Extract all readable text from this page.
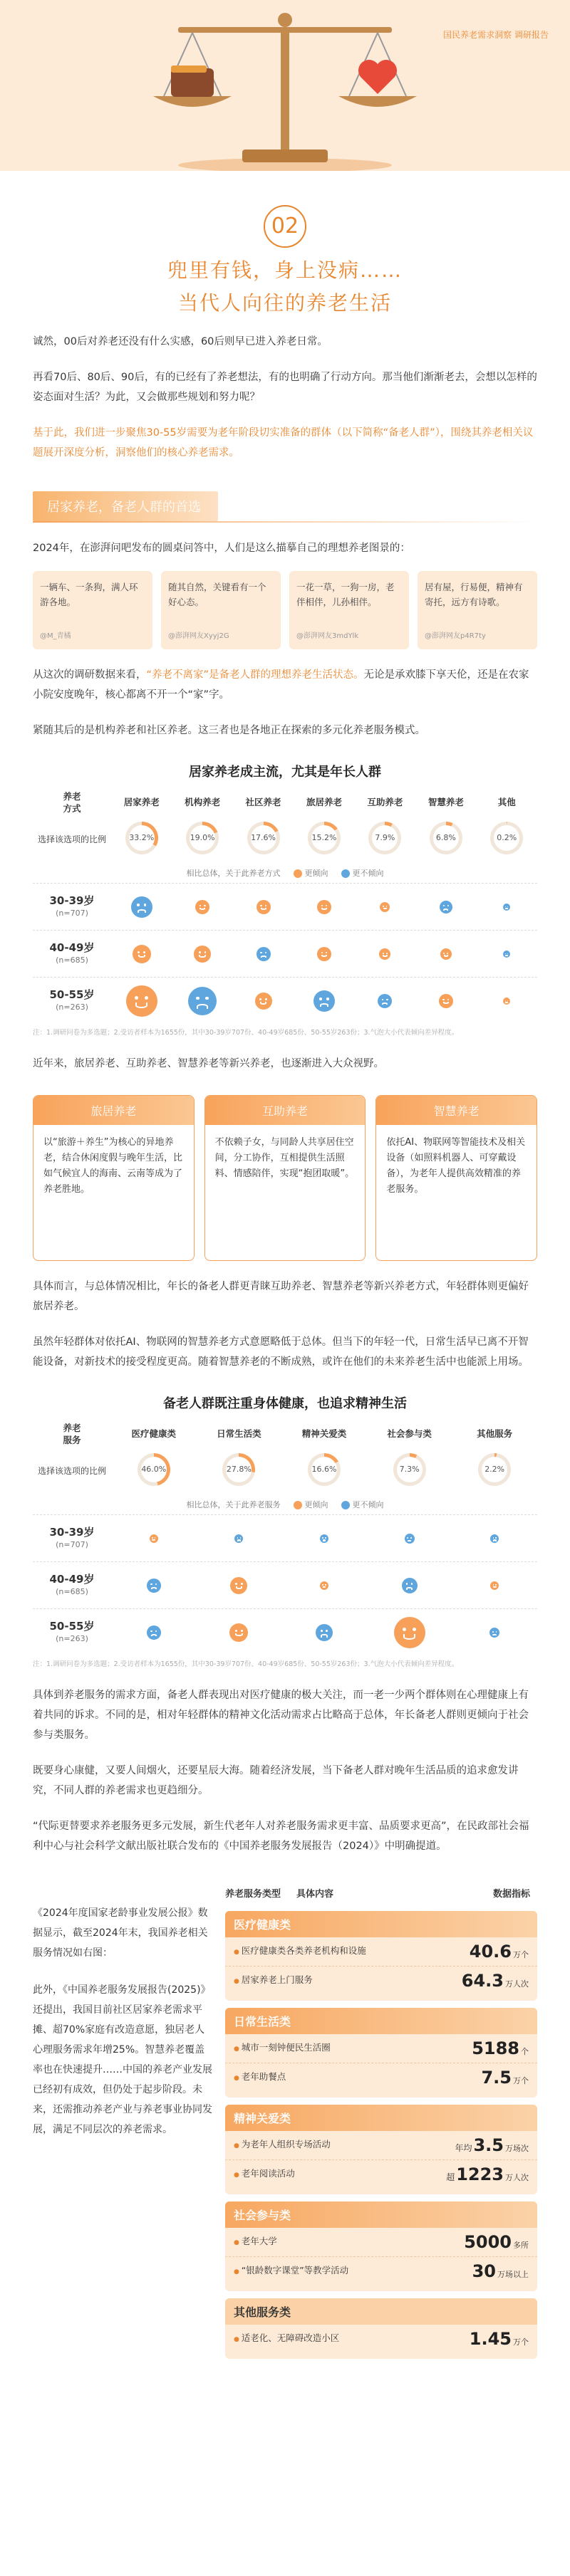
国民养老需求洞察 调研报告
02
兜里有钱，身上没病……
当代人向往的养老生活

诚然，00后对养老还没有什么实感，60后则早已进入养老日常。

再看70后、80后、90后，有的已经有了养老想法，有的也明确了行动方向。那当他们渐渐老去，会想以怎样的姿态面对生活？为此，又会做那些规划和努力呢？

基于此，我们进一步聚焦30-55岁需要为老年阶段切实准备的群体（以下简称“备老人群”），围绕其养老相关议题展开深度分析，洞察他们的核心养老需求。

居家养老，备老人群的首选

2024年，在澎湃问吧发布的圆桌问答中，人们是这么描摹自己的理想养老图景的：

一辆车、一条狗，满人环游各地。
@M_青橘
随其自然，关键看有一个好心态。
@澎湃网友Xyyj2G
一花一草，一狗一房，老伴相伴，儿孙相伴。
@澎湃网友3mdYlk
居有屋，行易便，精神有寄托，远方有诗歌。
@澎湃网友p4R7ty

从这次的调研数据来看，“养老不离家”是备老人群的理想养老生活状态。无论是承欢膝下享天伦，还是在农家小院安度晚年，核心都离不开一个“家”字。

紧随其后的是机构养老和社区养老。这三者也是各地正在探索的多元化养老服务模式。

居家养老成主流，尤其是年长人群
养老
方式
居家养老	机构养老	社区养老	旅居养老	互助养老	智慧养老	其他
选择该选项的比例	33.2%	19.0%	17.6%	15.2%	7.9%	6.8%	0.2%
相比总体，关于此养老方式	更倾向	更不倾向
30-39岁
(n=707)
40-49岁
(n=685)
50-55岁
(n=263)
注：1.调研问卷为多选题；2.受访者样本为1655份，其中30-39岁707份、40-49岁685份、50-55岁263份；3.气泡大小代表倾向差异程度。

近年来，旅居养老、互助养老、智慧养老等新兴养老，也逐渐进入大众视野。

旅居养老
以“旅游＋养生”为核心的异地养老，结合休闲度假与晚年生活，比如气候宜人的海南、云南等成为了养老胜地。
互助养老
不依赖子女，与同龄人共享居住空间，分工协作，互相提供生活照料、情感陪伴，实现“抱团取暖”。
智慧养老
依托AI、物联网等智能技术及相关设备（如照料机器人、可穿戴设备），为老年人提供高效精准的养老服务。

具体而言，与总体情况相比，年长的备老人群更青睐互助养老、智慧养老等新兴养老方式，年轻群体则更偏好旅居养老。

虽然年轻群体对依托AI、物联网的智慧养老方式意愿略低于总体。但当下的年轻一代，日常生活早已离不开智能设备，对新技术的接受程度更高。随着智慧养老的不断成熟，或许在他们的未来养老生活中也能派上用场。

备老人群既注重身体健康，也追求精神生活
养老
服务
医疗健康类	日常生活类	精神关爱类	社会参与类	其他服务
选择该选项的比例	46.0%	27.8%	16.6%	7.3%	2.2%
相比总体，关于此养老服务	更倾向	更不倾向
30-39岁
(n=707)
40-49岁
(n=685)
50-55岁
(n=263)
注：1.调研问卷为多选题；2.受访者样本为1655份，其中30-39岁707份、40-49岁685份、50-55岁263份；3.气泡大小代表倾向差异程度。

具体到养老服务的需求方面，备老人群表现出对医疗健康的极大关注，而一老一少两个群体则在心理健康上有着共同的诉求。不同的是，相对年轻群体的精神文化活动需求占比略高于总体，年长备老人群则更倾向于社会参与类服务。

既要身心康健，又要人间烟火，还要星辰大海。随着经济发展，当下备老人群对晚年生活品质的追求愈发讲究，不同人群的养老需求也更趋细分。

“代际更替要求养老服务更多元发展，新生代老年人对养老服务需求更丰富、品质要求更高”，在民政部社会福利中心与社会科学文献出版社联合发布的《中国养老服务发展报告（2024）》中明确提道。

《2024年度国家老龄事业发展公报》数据显示，截至2024年末，我国养老相关服务情况如右图：

此外，《中国养老服务发展报告(2025)》还提出，我国目前社区居家养老需求平摊、超70%家庭有改造意愿，独居老人心理服务需求年增25%。智慧养老覆盖率也在快速提升……中国的养老产业发展已经初有成效，但仍处于起步阶段。未来，还需推动养老产业与养老事业协同发展，满足不同层次的养老需求。

养老服务类型	具体内容	数据指标
医疗健康类
● 医疗健康类各类养老机构和设施	40.6 万个
● 居家养老上门服务	64.3 万人次
日常生活类
● 城市一刻钟便民生活圈	5188 个
● 老年助餐点	7.5 万个
精神关爱类
● 为老年人组织专场活动	年均3.5 万场次
● 老年阅读活动	超1223 万人次
社会参与类
● 老年大学	5000 多所
● “银龄数字课堂”等教学活动	30 万场以上
其他服务类
● 适老化、无障碍改造小区	1.45 万个
